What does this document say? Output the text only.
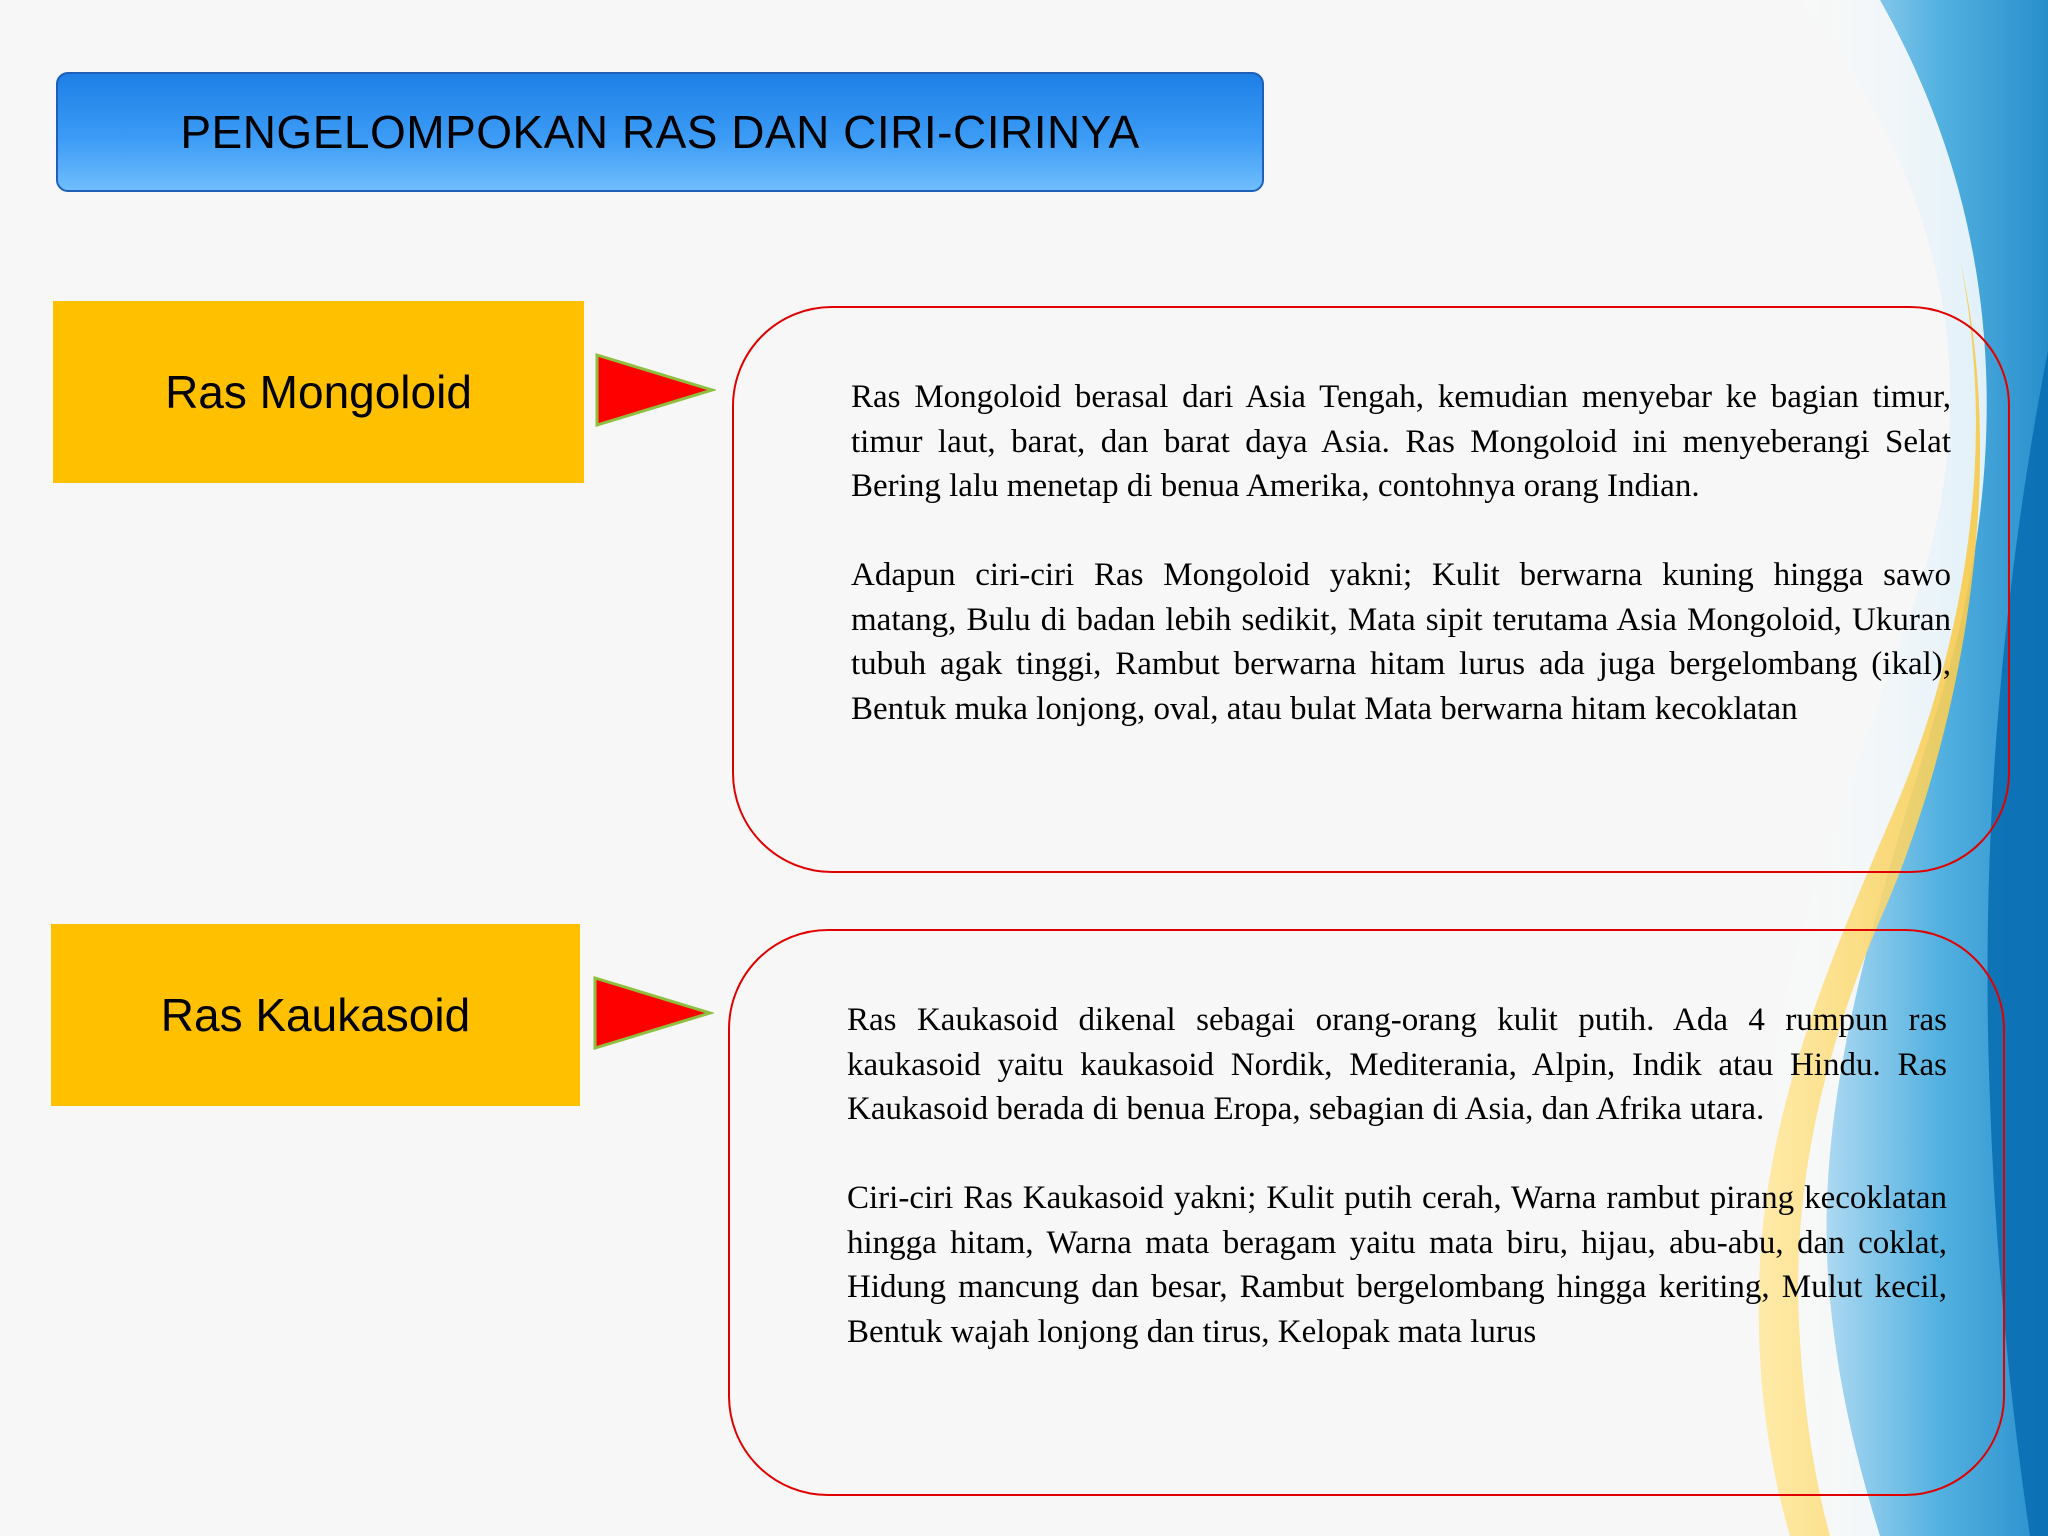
PENGELOMPOKAN RAS DAN CIRI-CIRINYA
Ras Mongoloid	Ras Mongoloid berasal dari Asia Tengah, kemudian menyebar ke bagian timur, timur laut, barat, dan barat daya Asia. Ras Mongoloid ini menyeberangi Selat Bering lalu menetap di benua Amerika, contohnya orang Indian.

Adapun ciri-ciri Ras Mongoloid yakni; Kulit berwarna kuning hingga sawo matang, Bulu di badan lebih sedikit, Mata sipit terutama Asia Mongoloid, Ukuran tubuh agak tinggi, Rambut berwarna hitam lurus ada juga bergelombang (ikal), Bentuk muka lonjong, oval, atau bulat Mata berwarna hitam kecoklatan

Ras Kaukasoid	Ras Kaukasoid dikenal sebagai orang-orang kulit putih. Ada 4 rumpun ras kaukasoid yaitu kaukasoid Nordik, Mediterania, Alpin, Indik atau Hindu. Ras Kaukasoid berada di benua Eropa, sebagian di Asia, dan Afrika utara.

Ciri-ciri Ras Kaukasoid yakni; Kulit putih cerah, Warna rambut pirang kecoklatan hingga hitam, Warna mata beragam yaitu mata biru, hijau, abu-abu, dan coklat, Hidung mancung dan besar, Rambut bergelombang hingga keriting, Mulut kecil, Bentuk wajah lonjong dan tirus, Kelopak mata lurus
